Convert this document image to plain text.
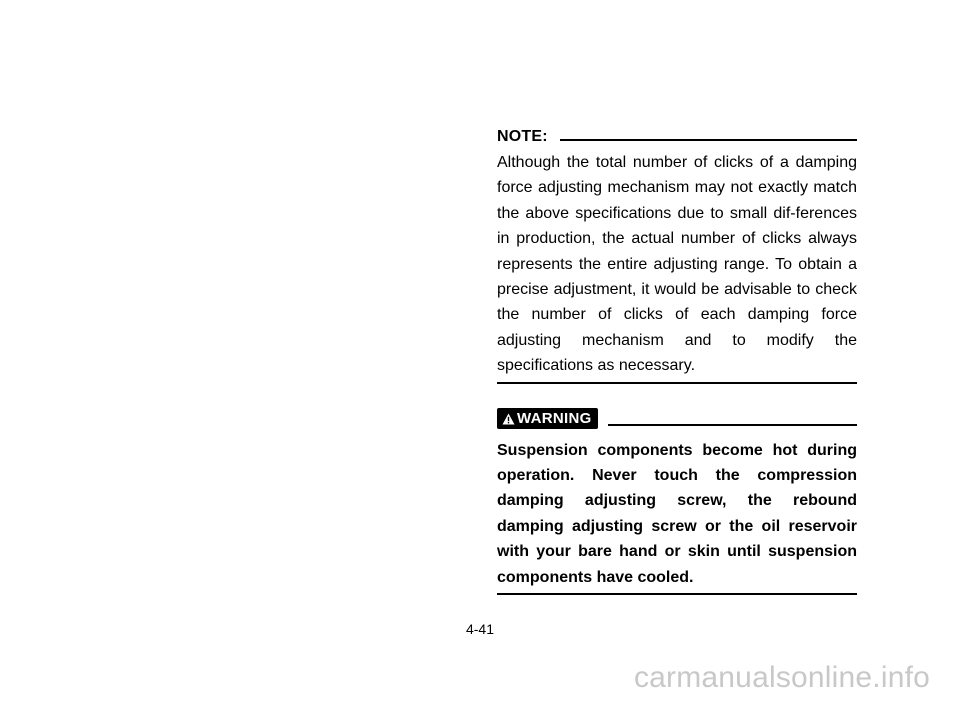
NOTE:

Although the total number of clicks of a damping force adjusting mechanism may not exactly match the above specifications due to small dif-ferences in production, the actual number of clicks always represents the entire adjusting range. To obtain a precise adjustment, it would be advisable to check the number of clicks of each damping force adjusting mechanism and to modify the specifications as necessary.

WARNING

Suspension components become hot during operation. Never touch the compression damping adjusting screw, the rebound damping adjusting screw or the oil reservoir with your bare hand or skin until suspension components have cooled.

4-41
carmanualsonline.info
